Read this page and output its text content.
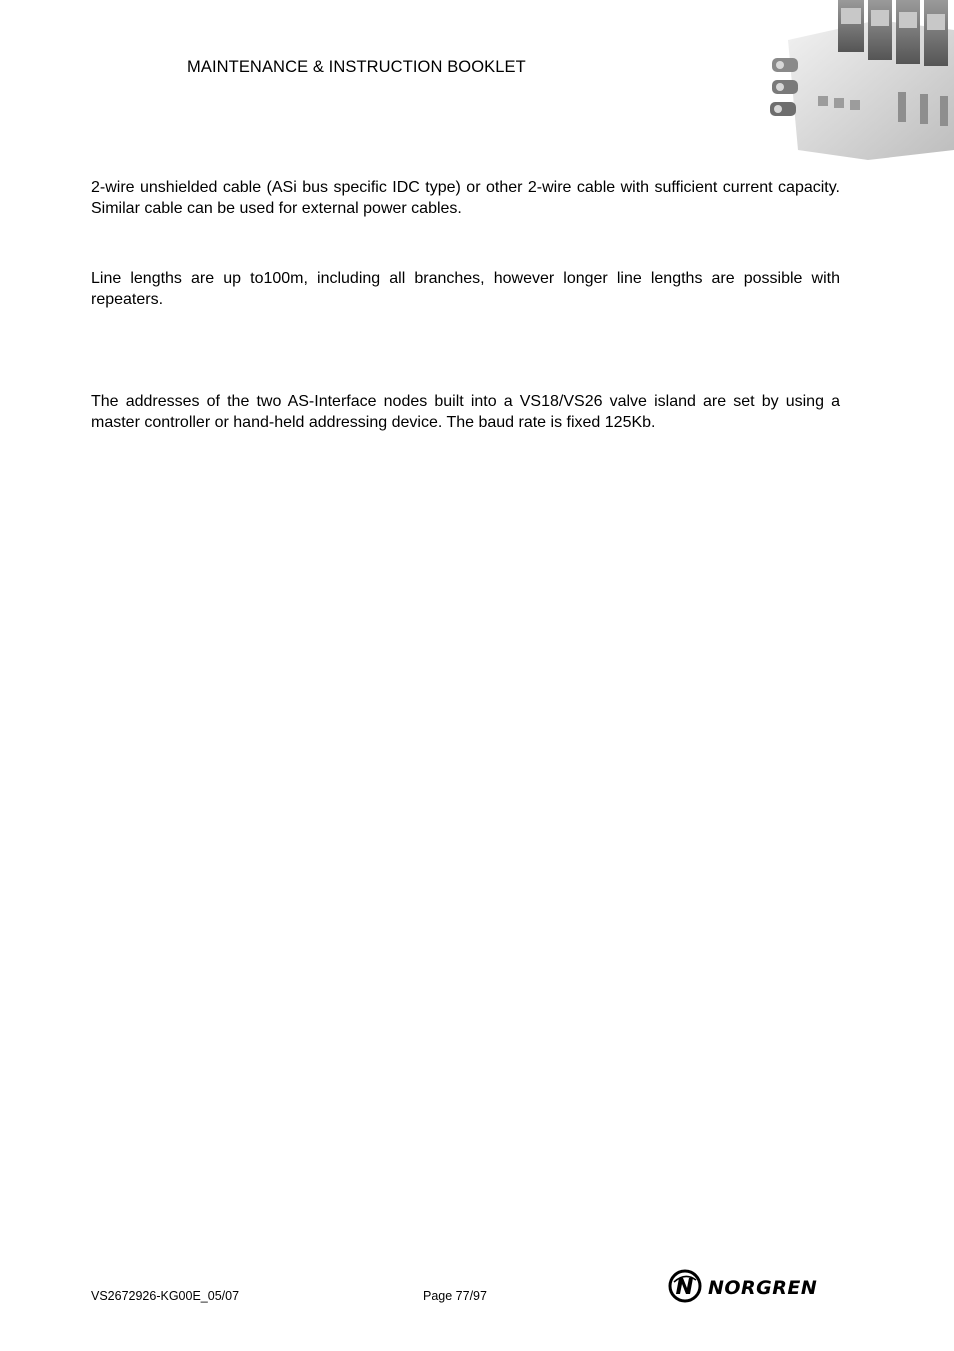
MAINTENANCE & INSTRUCTION BOOKLET

2-wire unshielded cable (ASi bus specific IDC type) or other 2-wire cable with sufficient current capacity. Similar cable can be used for external power cables.

Line lengths are up to100m, including all branches, however longer line lengths are possible with repeaters.

The addresses of the two AS-Interface nodes built into a VS18/VS26 valve island are set by using a master controller or hand-held addressing device. The baud rate is fixed 125Kb.

VS2672926-KG00E_05/07	Page 77/97	NORGREN
